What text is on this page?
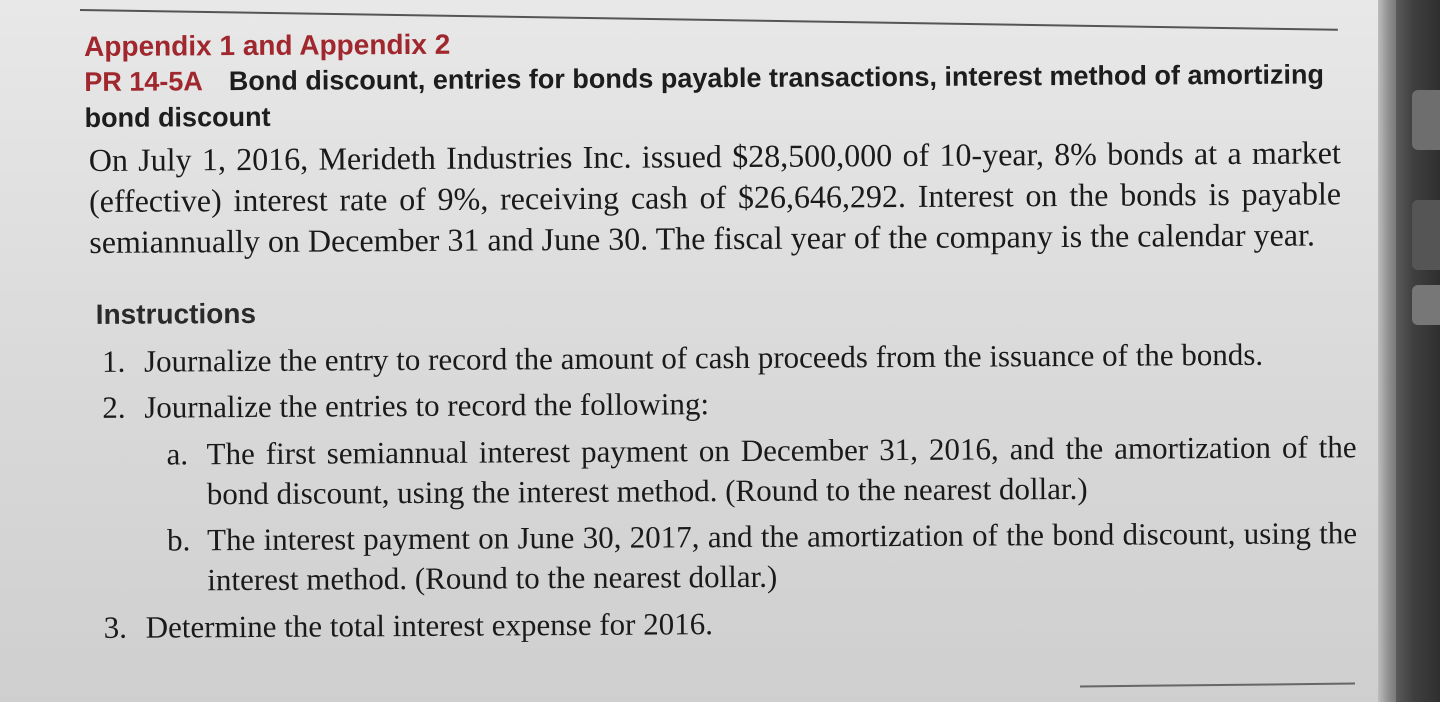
Appendix 1 and Appendix 2

PR 14-5A Bond discount, entries for bonds payable transactions, interest method of amortizing bond discount

On July 1, 2016, Merideth Industries Inc. issued $28,500,000 of 10-year, 8% bonds at a market (effective) interest rate of 9%, receiving cash of $26,646,292. Interest on the bonds is payable semiannually on December 31 and June 30. The fiscal year of the company is the calendar year.

Instructions

1. Journalize the entry to record the amount of cash proceeds from the issuance of the bonds.
2. Journalize the entries to record the following:
a. The first semiannual interest payment on December 31, 2016, and the amortization of the bond discount, using the interest method. (Round to the nearest dollar.)
b. The interest payment on June 30, 2017, and the amortization of the bond discount, using the interest method. (Round to the nearest dollar.)
3. Determine the total interest expense for 2016.
